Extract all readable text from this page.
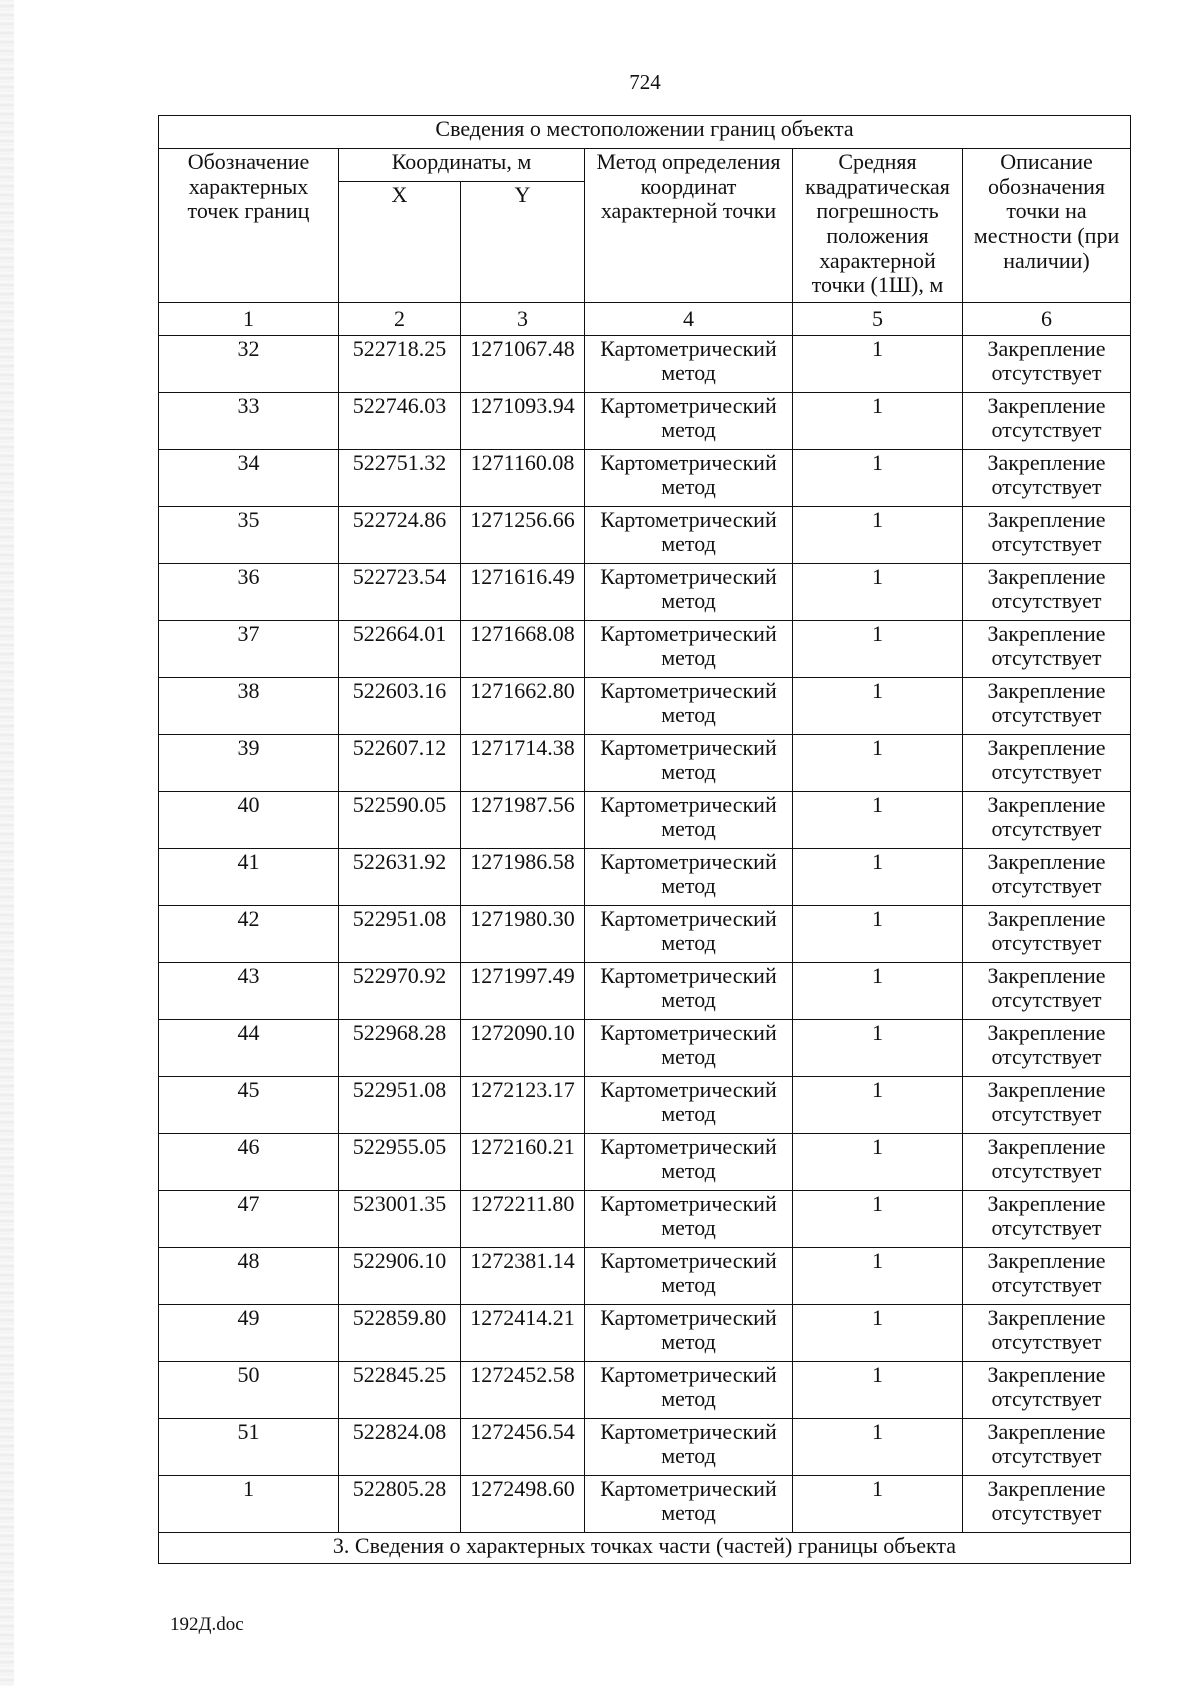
724
Сведения о местоположении границ объекта					
Обозначение характерных точек границ	Координаты, м		Метод определения координат характерной точки	Средняя квадратическая погрешность положения характерной точки (1Ш), м	Описание обозначения точки на местности (при наличии)
	X	Y			
1	2	3	4	5	6
32	522718.25	1271067.48	Картометрический метод	1	Закрепление отсутствует
33	522746.03	1271093.94	Картометрический метод	1	Закрепление отсутствует
34	522751.32	1271160.08	Картометрический метод	1	Закрепление отсутствует
35	522724.86	1271256.66	Картометрический метод	1	Закрепление отсутствует
36	522723.54	1271616.49	Картометрический метод	1	Закрепление отсутствует
37	522664.01	1271668.08	Картометрический метод	1	Закрепление отсутствует
38	522603.16	1271662.80	Картометрический метод	1	Закрепление отсутствует
39	522607.12	1271714.38	Картометрический метод	1	Закрепление отсутствует
40	522590.05	1271987.56	Картометрический метод	1	Закрепление отсутствует
41	522631.92	1271986.58	Картометрический метод	1	Закрепление отсутствует
42	522951.08	1271980.30	Картометрический метод	1	Закрепление отсутствует
43	522970.92	1271997.49	Картометрический метод	1	Закрепление отсутствует
44	522968.28	1272090.10	Картометрический метод	1	Закрепление отсутствует
45	522951.08	1272123.17	Картометрический метод	1	Закрепление отсутствует
46	522955.05	1272160.21	Картометрический метод	1	Закрепление отсутствует
47	523001.35	1272211.80	Картометрический метод	1	Закрепление отсутствует
48	522906.10	1272381.14	Картометрический метод	1	Закрепление отсутствует
49	522859.80	1272414.21	Картометрический метод	1	Закрепление отсутствует
50	522845.25	1272452.58	Картометрический метод	1	Закрепление отсутствует
51	522824.08	1272456.54	Картометрический метод	1	Закрепление отсутствует
1	522805.28	1272498.60	Картометрический метод	1	Закрепление отсутствует
3. Сведения о характерных точках части (частей) границы объекта					
192Д.doc
